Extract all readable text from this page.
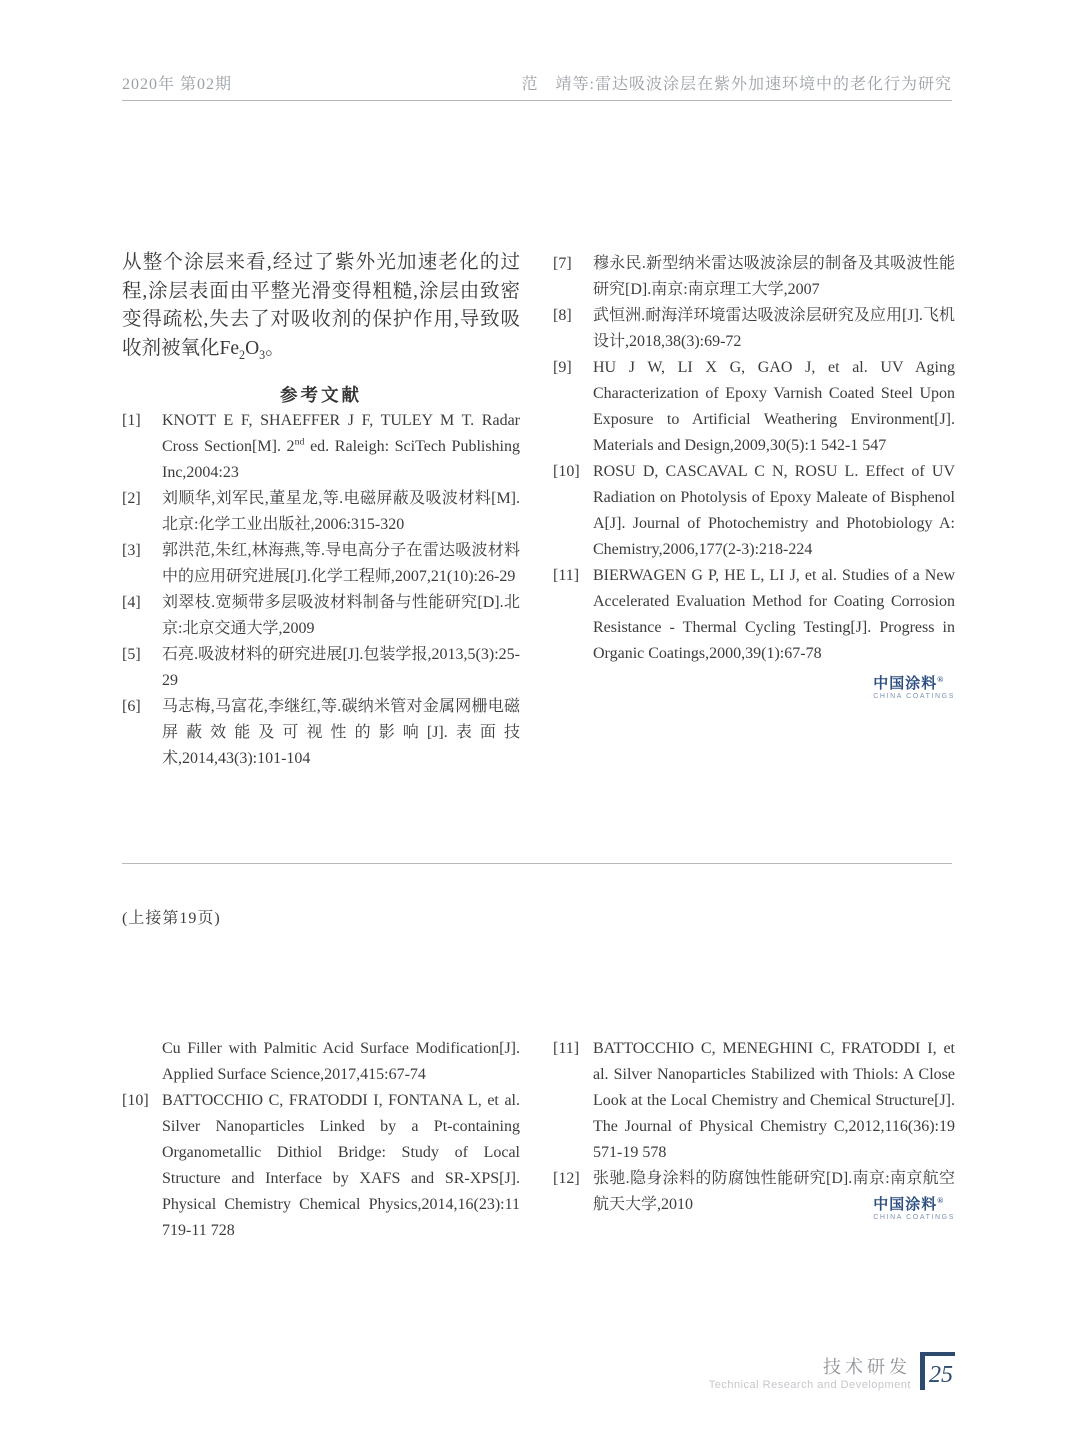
2020年 第02期	范　靖等:雷达吸波涂层在紫外加速环境中的老化行为研究

从整个涂层来看,经过了紫外光加速老化的过程,涂层表面由平整光滑变得粗糙,涂层由致密变得疏松,失去了对吸收剂的保护作用,导致吸收剂被氧化$Fe_2O_3$。

参考文献
[1]	KNOTT E F, SHAEFFER J F, TULEY M T. Radar Cross Section[M]. 2nd ed. Raleigh: SciTech Publishing Inc,2004:23
[2]	刘顺华,刘军民,董星龙,等.电磁屏蔽及吸波材料[M].北京:化学工业出版社,2006:315-320
[3]	郭洪范,朱红,林海燕,等.导电高分子在雷达吸波材料中的应用研究进展[J].化学工程师,2007,21(10):26-29
[4]	刘翠枝.宽频带多层吸波材料制备与性能研究[D].北京:北京交通大学,2009
[5]	石亮.吸波材料的研究进展[J].包装学报,2013,5(3):25-29
[6]	马志梅,马富花,李继红,等.碳纳米管对金属网栅电磁屏蔽效能及可视性的影响[J].表面技术,2014,43(3):101-104
[7]	穆永民.新型纳米雷达吸波涂层的制备及其吸波性能研究[D].南京:南京理工大学,2007
[8]	武恒洲.耐海洋环境雷达吸波涂层研究及应用[J].飞机设计,2018,38(3):69-72
[9]	HU J W, LI X G, GAO J, et al. UV Aging Characterization of Epoxy Varnish Coated Steel Upon Exposure to Artificial Weathering Environment[J]. Materials and Design,2009,30(5):1 542-1 547
[10] ROSU D, CASCAVAL C N, ROSU L. Effect of UV Radiation on Photolysis of Epoxy Maleate of Bisphenol A[J]. Journal of Photochemistry and Photobiology A: Chemistry,2006,177(2-3):218-224
[11] BIERWAGEN G P, HE L, LI J, et al. Studies of a New Accelerated Evaluation Method for Coating Corrosion Resistance - Thermal Cycling Testing[J]. Progress in Organic Coatings,2000,39(1):67-78
中国涂料®
CHINA COATINGS
(上接第19页)
Cu Filler with Palmitic Acid Surface Modification[J]. Applied Surface Science,2017,415:67-74
[10] BATTOCCHIO C, FRATODDI I, FONTANA L, et al. Silver Nanoparticles Linked by a Pt-containing Organometallic Dithiol Bridge: Study of Local Structure and Interface by XAFS and SR-XPS[J]. Physical Chemistry Chemical Physics,2014,16(23):11 719-11 728
[11] BATTOCCHIO C, MENEGHINI C, FRATODDI I, et al. Silver Nanoparticles Stabilized with Thiols: A Close Look at the Local Chemistry and Chemical Structure[J]. The Journal of Physical Chemistry C,2012,116(36):19 571-19 578
[12] 张驰.隐身涂料的防腐蚀性能研究[D].南京:南京航空航天大学,2010	中国涂料®
CHINA COATINGS
技术研发
Technical Research and Development 25
